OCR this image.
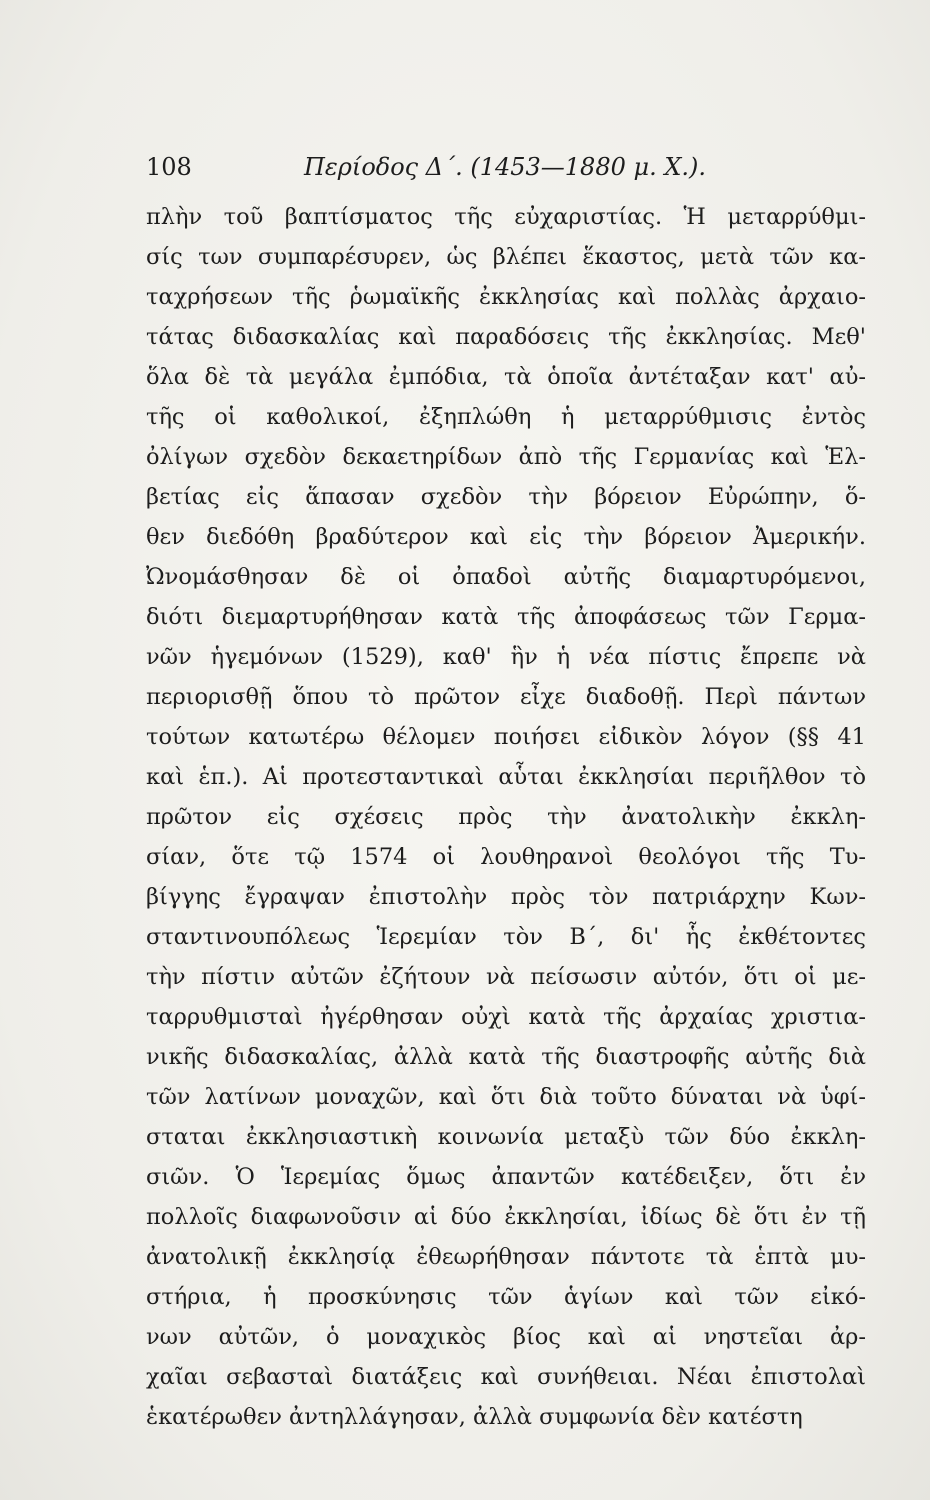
108	Περίοδος Δ΄. (1453—1880 μ. Χ.).
πλὴν τοῦ βαπτίσματος τῆς εὐχαριστίας. Ἡ μεταρρύθμι-
σίς των συμπαρέσυρεν, ὡς βλέπει ἕκαστος, μετὰ τῶν κα-
ταχρήσεων τῆς ῥωμαϊκῆς ἐκκλησίας καὶ πολλὰς ἀρχαιο-
τάτας διδασκαλίας καὶ παραδόσεις τῆς ἐκκλησίας. Μεθ'
ὅλα δὲ τὰ μεγάλα ἐμπόδια, τὰ ὁποῖα ἀντέταξαν κατ' αὐ-
τῆς οἱ καθολικοί, ἐξηπλώθη ἡ μεταρρύθμισις ἐντὸς
ὀλίγων σχεδὸν δεκαετηρίδων ἀπὸ τῆς Γερμανίας καὶ Ἑλ-
βετίας εἰς ἅπασαν σχεδὸν τὴν βόρειον Εὐρώπην, ὅ-
θεν διεδόθη βραδύτερον καὶ εἰς τὴν βόρειον Ἀμερικήν.
Ὠνομάσθησαν δὲ οἱ ὀπαδοὶ αὐτῆς διαμαρτυρόμενοι,
διότι διεμαρτυρήθησαν κατὰ τῆς ἀποφάσεως τῶν Γερμα-
νῶν ἡγεμόνων (1529), καθ' ἣν ἡ νέα πίστις ἔπρεπε νὰ
περιορισθῇ ὅπου τὸ πρῶτον εἶχε διαδοθῇ. Περὶ πάντων
τούτων κατωτέρω θέλομεν ποιήσει εἰδικὸν λόγον (§§ 41
καὶ ἑπ.). Αἱ προτεσταντικαὶ αὗται ἐκκλησίαι περιῆλθον τὸ
πρῶτον εἰς σχέσεις πρὸς τὴν ἀνατολικὴν ἐκκλη-
σίαν, ὅτε τῷ 1574 οἱ λουθηρανοὶ θεολόγοι τῆς Τυ-
βίγγης ἔγραψαν ἐπιστολὴν πρὸς τὸν πατριάρχην Κων-
σταντινουπόλεως Ἱερεμίαν τὸν Β΄, δι' ἧς ἐκθέτοντες
τὴν πίστιν αὐτῶν ἐζήτουν νὰ πείσωσιν αὐτόν, ὅτι οἱ με-
ταρρυθμισταὶ ἠγέρθησαν οὐχὶ κατὰ τῆς ἀρχαίας χριστια-
νικῆς διδασκαλίας, ἀλλὰ κατὰ τῆς διαστροφῆς αὐτῆς διὰ
τῶν λατίνων μοναχῶν, καὶ ὅτι διὰ τοῦτο δύναται νὰ ὑφί-
σταται ἐκκλησιαστικὴ κοινωνία μεταξὺ τῶν δύο ἐκκλη-
σιῶν. Ὁ Ἱερεμίας ὅμως ἀπαντῶν κατέδειξεν, ὅτι ἐν
πολλοῖς διαφωνοῦσιν αἱ δύο ἐκκλησίαι, ἰδίως δὲ ὅτι ἐν τῇ
ἀνατολικῇ ἐκκλησίᾳ ἐθεωρήθησαν πάντοτε τὰ ἑπτὰ μυ-
στήρια, ἡ προσκύνησις τῶν ἁγίων καὶ τῶν εἰκό-
νων αὐτῶν, ὁ μοναχικὸς βίος καὶ αἱ νηστεῖαι ἀρ-
χαῖαι σεβασταὶ διατάξεις καὶ συνήθειαι. Νέαι ἐπιστολαὶ
ἑκατέρωθεν ἀντηλλάγησαν, ἀλλὰ συμφωνία δὲν κατέστη
